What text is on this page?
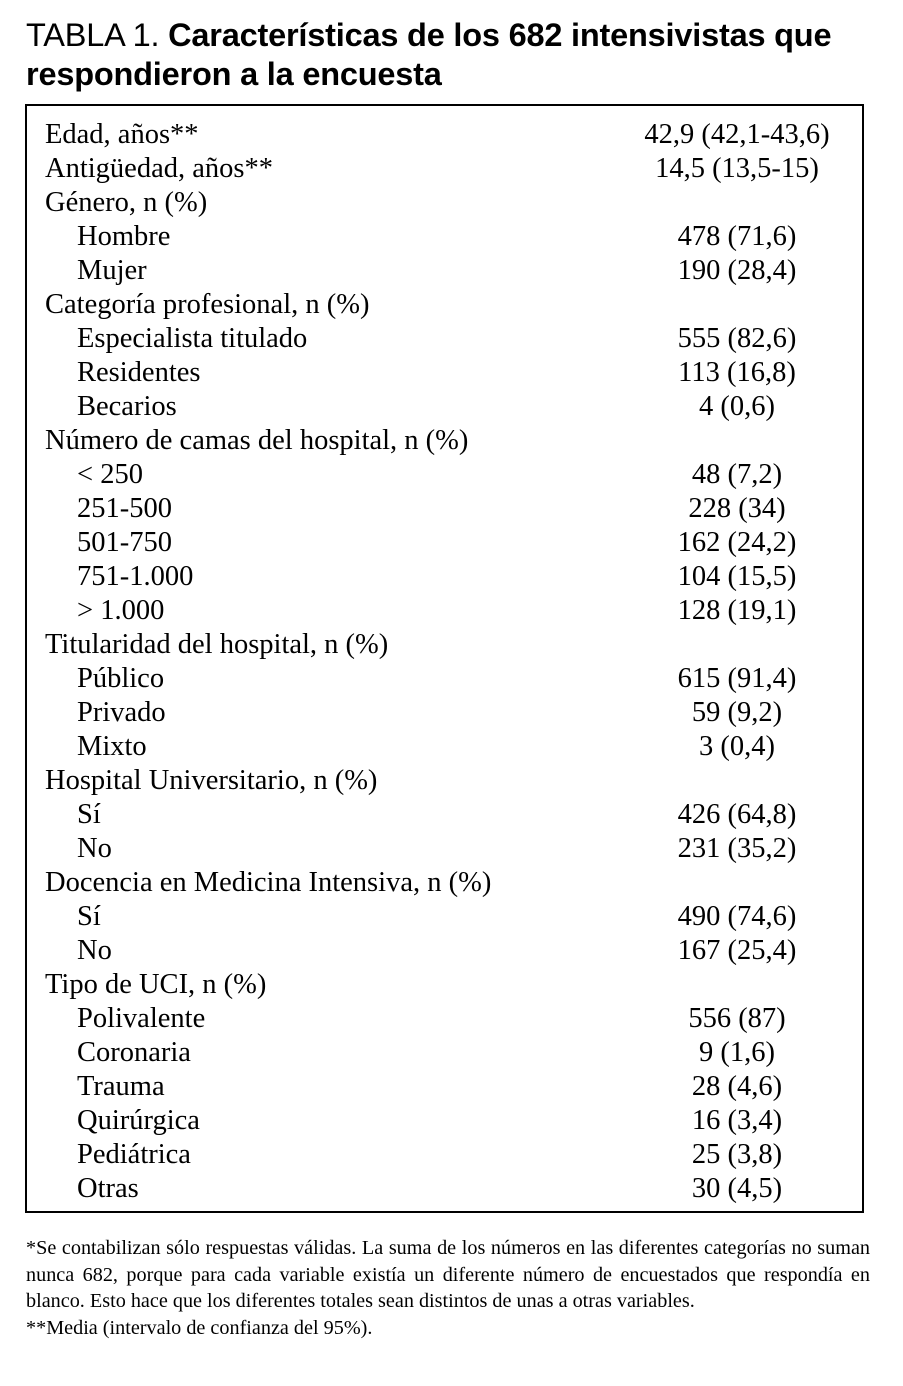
TABLA 1. Características de los 682 intensivistas que respondieron a la encuesta
Edad, años**	42,9 (42,1-43,6)
Antigüedad, años**	14,5 (13,5-15)
Género, n (%)
Hombre	478 (71,6)
Mujer	190 (28,4)
Categoría profesional, n (%)
Especialista titulado	555 (82,6)
Residentes	113 (16,8)
Becarios	4 (0,6)
Número de camas del hospital, n (%)
< 250	48 (7,2)
251-500	228 (34)
501-750	162 (24,2)
751-1.000	104 (15,5)
> 1.000	128 (19,1)
Titularidad del hospital, n (%)
Público	615 (91,4)
Privado	59 (9,2)
Mixto	3 (0,4)
Hospital Universitario, n (%)
Sí	426 (64,8)
No	231 (35,2)
Docencia en Medicina Intensiva, n (%)
Sí	490 (74,6)
No	167 (25,4)
Tipo de UCI, n (%)
Polivalente	556 (87)
Coronaria	9 (1,6)
Trauma	28 (4,6)
Quirúrgica	16 (3,4)
Pediátrica	25 (3,8)
Otras	30 (4,5)

*Se contabilizan sólo respuestas válidas. La suma de los números en las diferentes categorías no suman nunca 682, porque para cada variable existía un diferente número de encuestados que respondía en blanco. Esto hace que los diferentes totales sean distintos de unas a otras variables.

**Media (intervalo de confianza del 95%).
